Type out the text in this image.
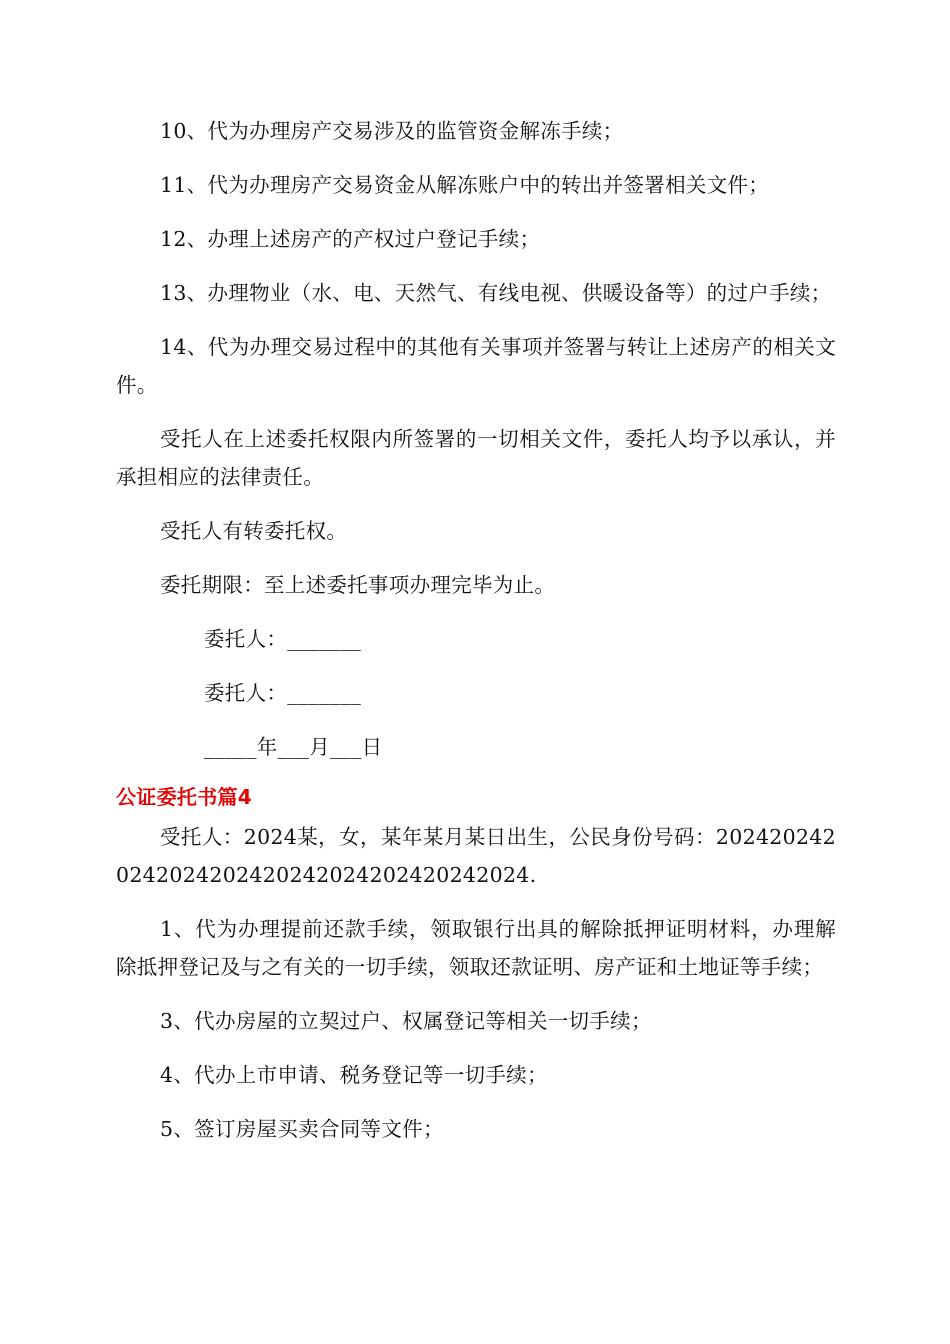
10、代为办理房产交易涉及的监管资金解冻手续；

11、代为办理房产交易资金从解冻账户中的转出并签署相关文件；

12、办理上述房产的产权过户登记手续；

13、办理物业（水、电、天然气、有线电视、供暖设备等）的过户手续；

14、代为办理交易过程中的其他有关事项并签署与转让上述房产的相关文件。

受托人在上述委托权限内所签署的一切相关文件，委托人均予以承认，并承担相应的法律责任。

受托人有转委托权。

委托期限：至上述委托事项办理完毕为止。

委托人：_______

委托人：_______

_____年___月___日

公证委托书篇4

受托人：2024某，女，某年某月某日出生，公民身份号码：2024202420242024202420242024202420242024.

1、代为办理提前还款手续，领取银行出具的解除抵押证明材料，办理解除抵押登记及与之有关的一切手续，领取还款证明、房产证和土地证等手续；

3、代办房屋的立契过户、权属登记等相关一切手续；

4、代办上市申请、税务登记等一切手续；

5、签订房屋买卖合同等文件；
